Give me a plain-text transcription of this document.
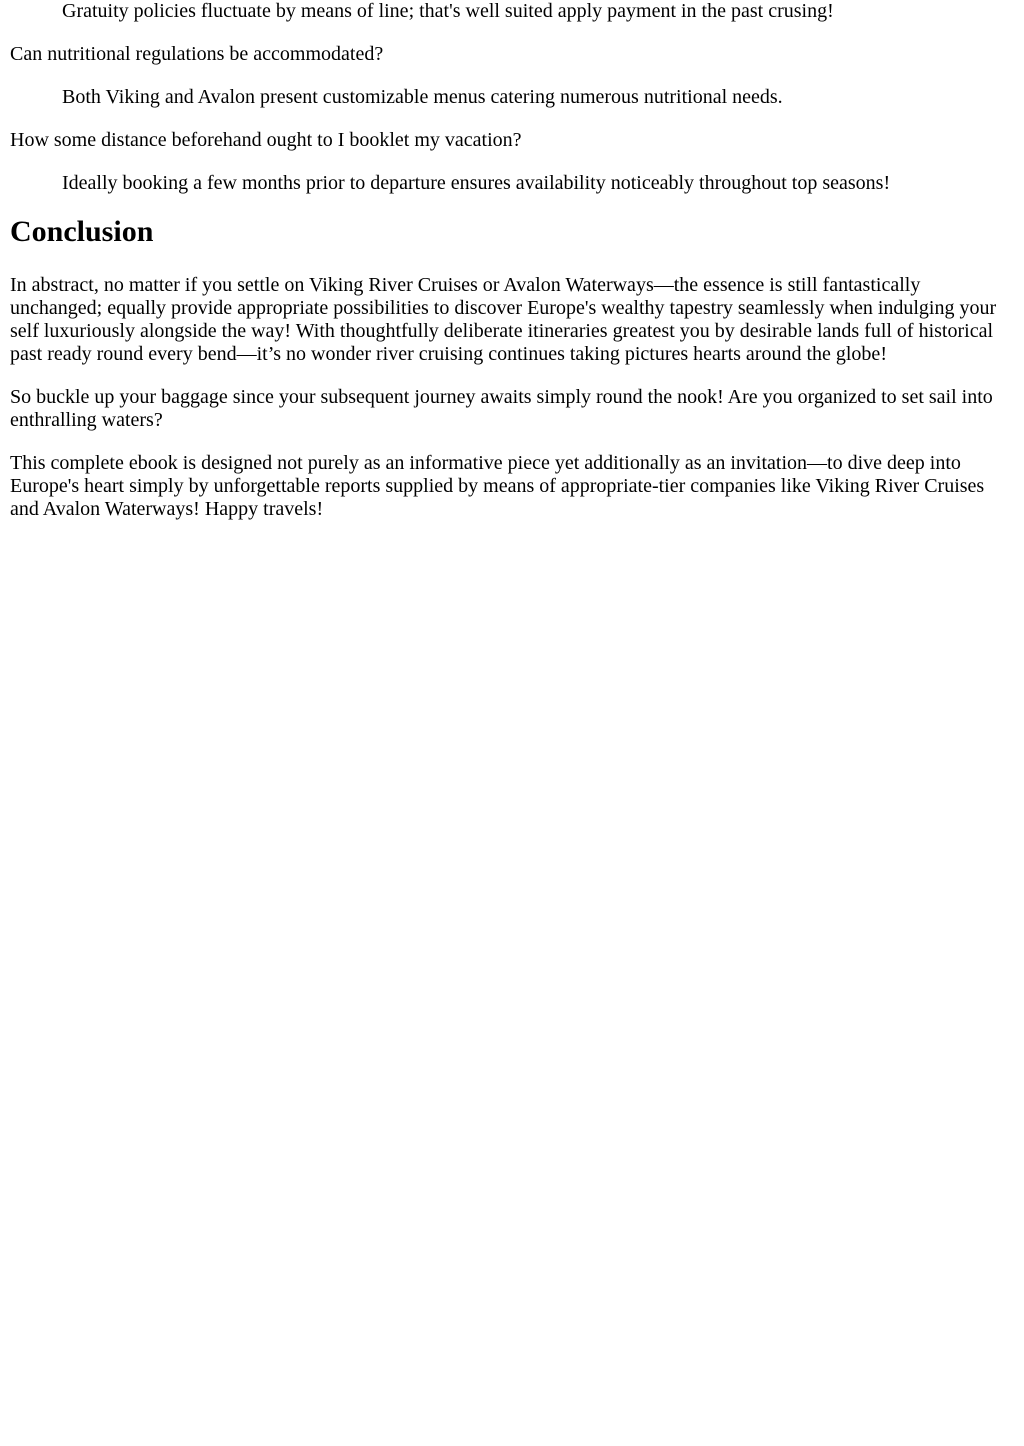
Gratuity policies fluctuate by means of line; that's well suited apply payment in the past crusing!
Can nutritional regulations be accommodated?
Both Viking and Avalon present customizable menus catering numerous nutritional needs.
How some distance beforehand ought to I booklet my vacation?
Ideally booking a few months prior to departure ensures availability noticeably throughout top seasons!
Conclusion

In abstract, no matter if you settle on Viking River Cruises or Avalon Waterways—the essence is still fantastically unchanged; equally provide appropriate possibilities to discover Europe's wealthy tapestry seamlessly when indulging your self luxuriously alongside the way! With thoughtfully deliberate itineraries greatest you by desirable lands full of historical past ready round every bend—it’s no wonder river cruising continues taking pictures hearts around the globe!

So buckle up your baggage since your subsequent journey awaits simply round the nook! Are you organized to set sail into enthralling waters?

This complete ebook is designed not purely as an informative piece yet additionally as an invitation—to dive deep into Europe's heart simply by unforgettable reports supplied by means of appropriate-tier companies like Viking River Cruises and Avalon Waterways! Happy travels!
